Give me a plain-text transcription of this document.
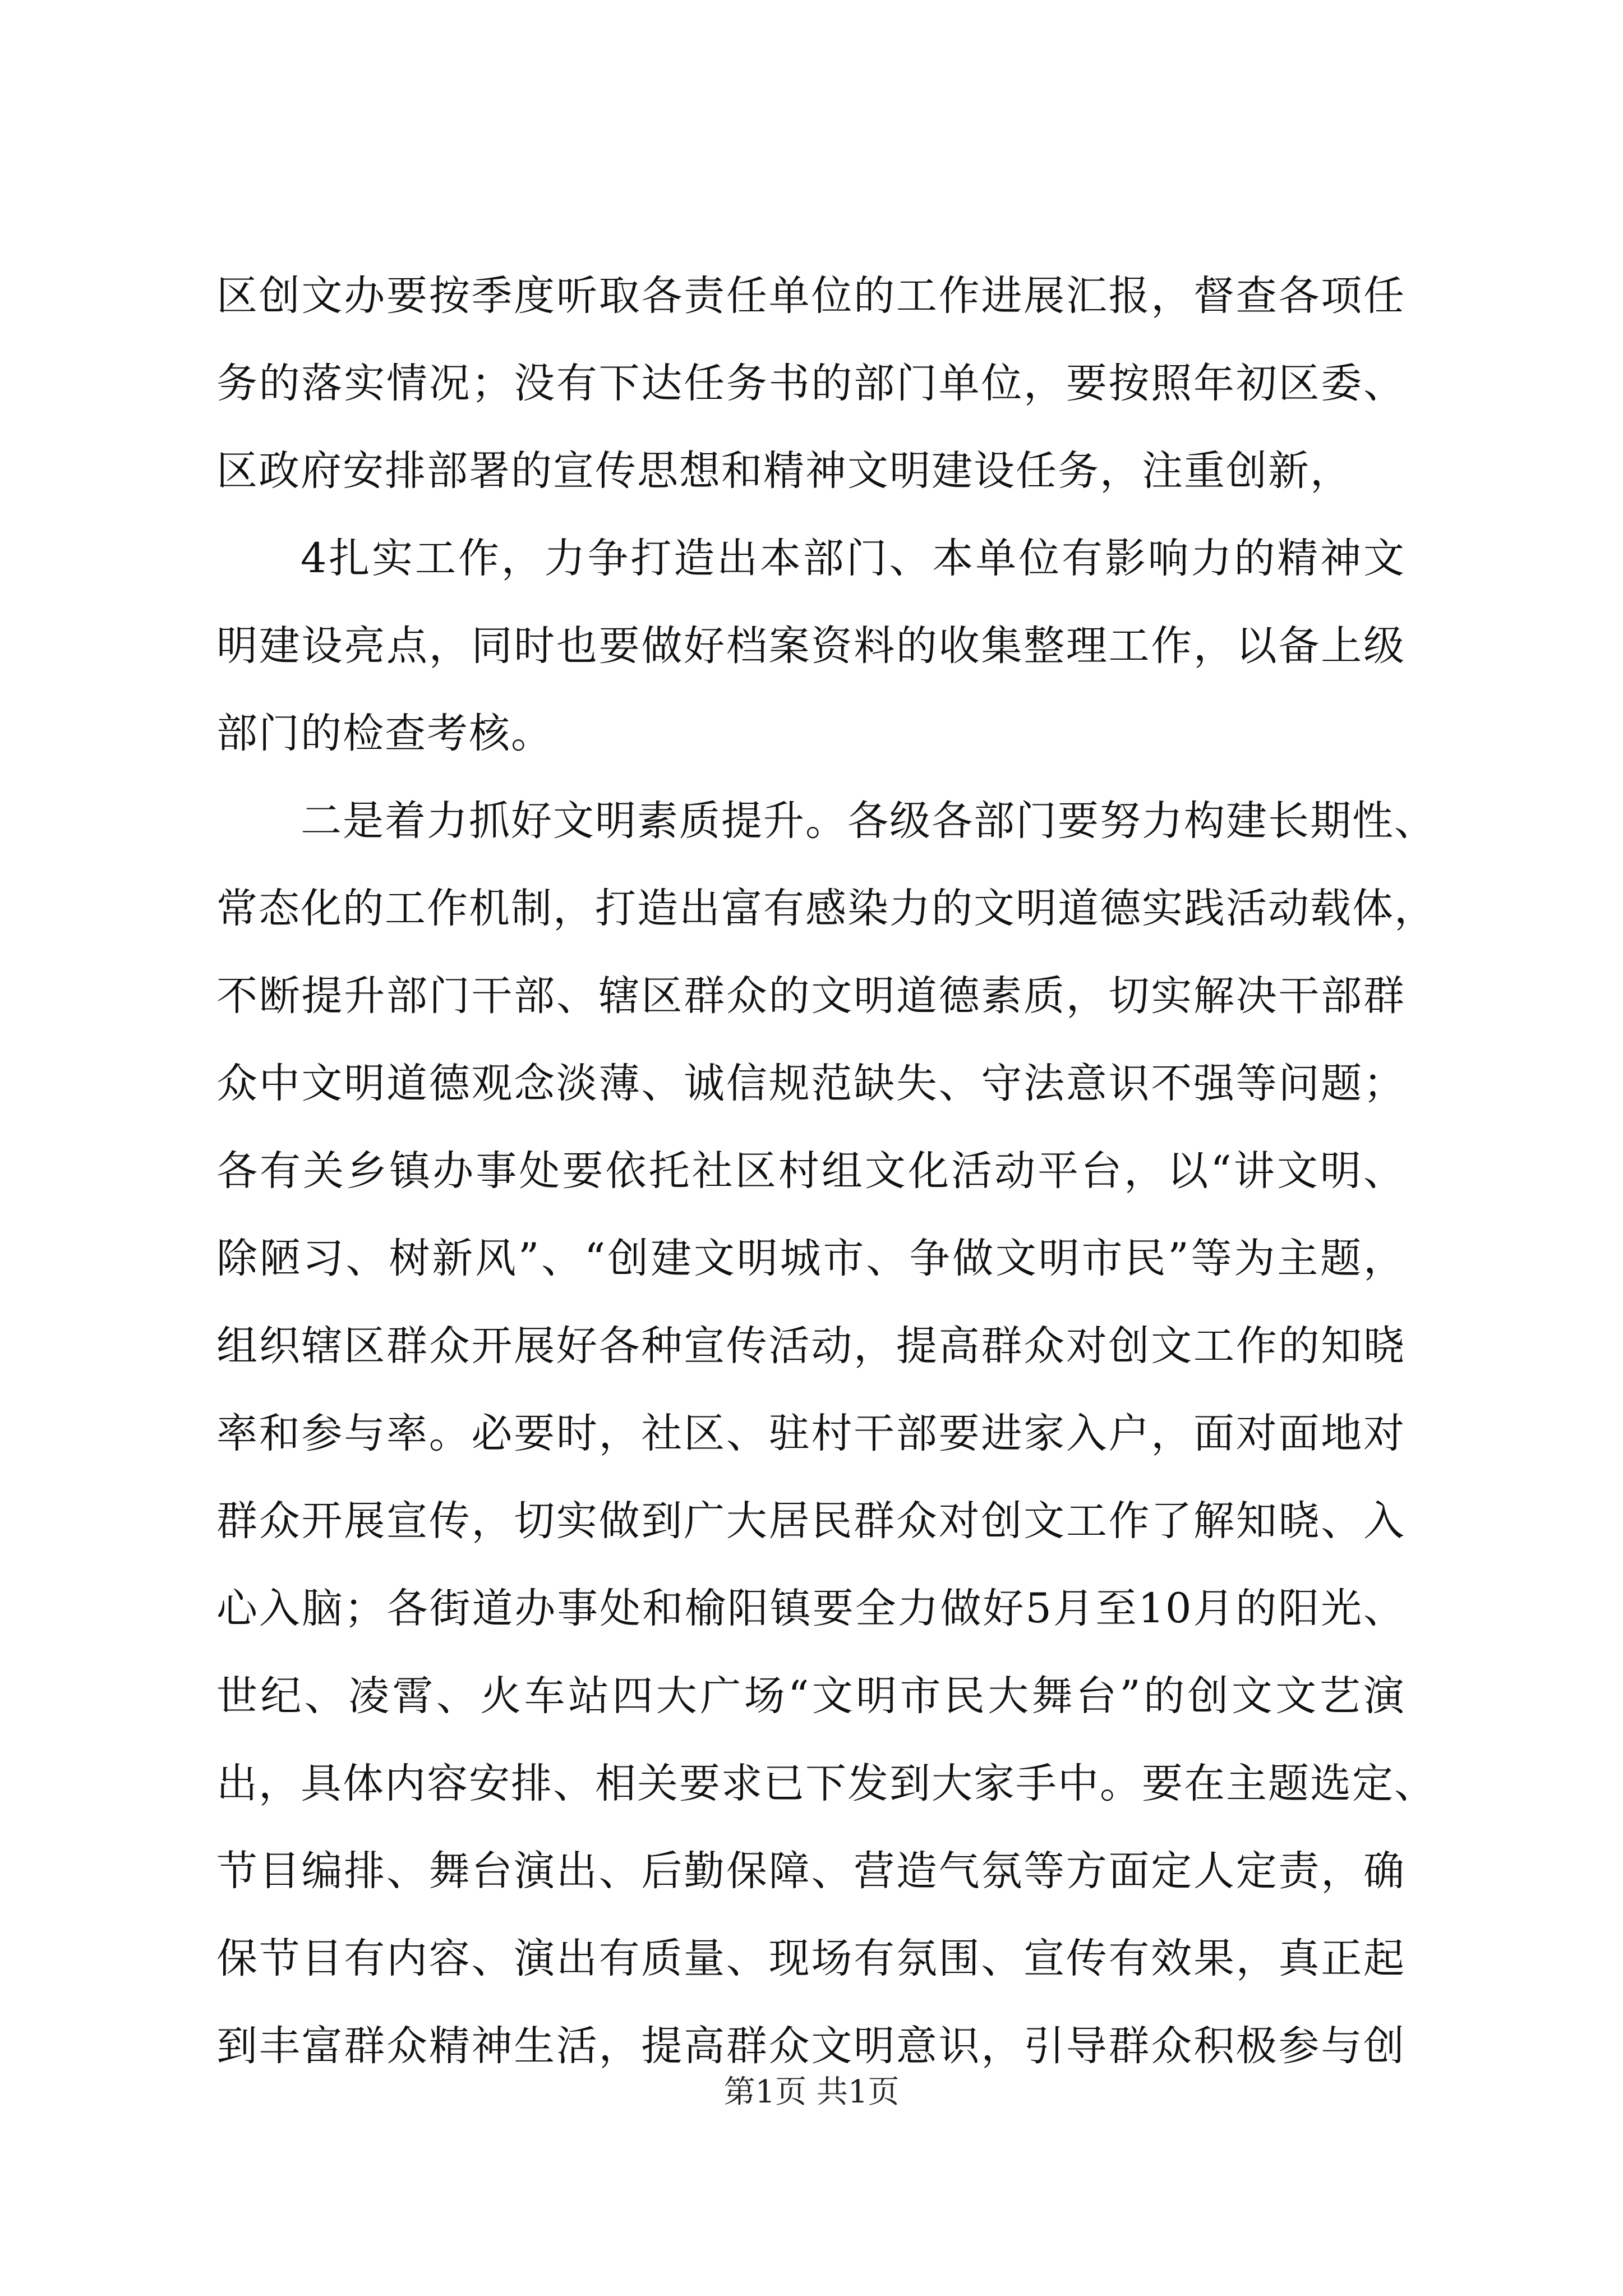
区创文办要按季度听取各责任单位的工作进展汇报，督查各项任
务的落实情况；没有下达任务书的部门单位，要按照年初区委、
区政府安排部署的宣传思想和精神文明建设任务，注重创新，
4扎实工作，力争打造出本部门、本单位有影响力的精神文
明建设亮点，同时也要做好档案资料的收集整理工作，以备上级
部门的检查考核。
二是着力抓好文明素质提升。各级各部门要努力构建长期性、
常态化的工作机制，打造出富有感染力的文明道德实践活动载体，
不断提升部门干部、辖区群众的文明道德素质，切实解决干部群
众中文明道德观念淡薄、诚信规范缺失、守法意识不强等问题；
各有关乡镇办事处要依托社区村组文化活动平台，以“讲文明、
除陋习、树新风”、“创建文明城市、争做文明市民”等为主题，
组织辖区群众开展好各种宣传活动，提高群众对创文工作的知晓
率和参与率。必要时，社区、驻村干部要进家入户，面对面地对
群众开展宣传，切实做到广大居民群众对创文工作了解知晓、入
心入脑；各街道办事处和榆阳镇要全力做好5月至10月的阳光、
世纪、凌霄、火车站四大广场“文明市民大舞台”的创文文艺演
出，具体内容安排、相关要求已下发到大家手中。要在主题选定、
节目编排、舞台演出、后勤保障、营造气氛等方面定人定责，确
保节目有内容、演出有质量、现场有氛围、宣传有效果，真正起
到丰富群众精神生活，提高群众文明意识，引导群众积极参与创
第1页 共1页
